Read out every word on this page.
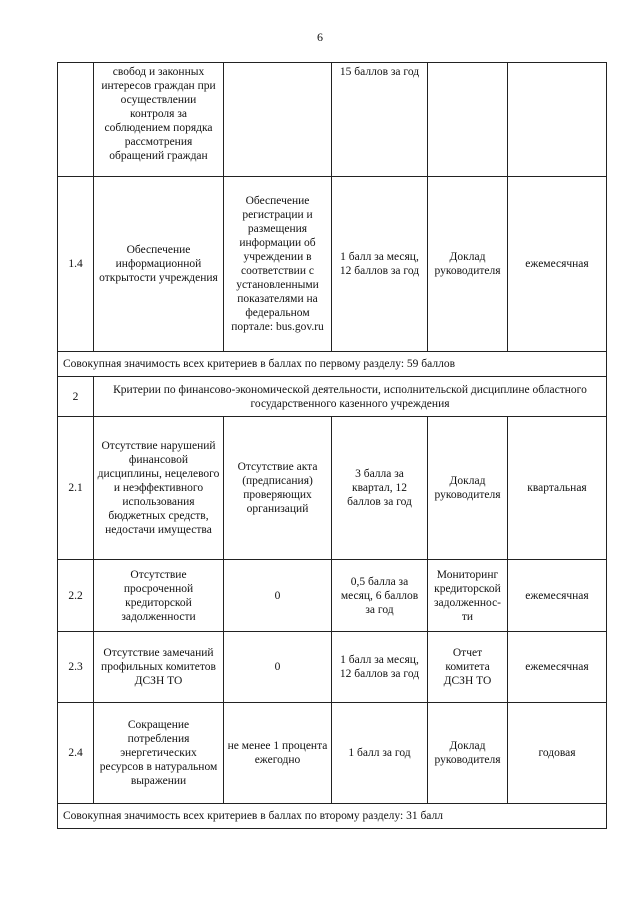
6
	свобод и законных интересов граждан при осуществлении контроля за соблюдением порядка рассмотрения обращений граждан		15 баллов за год		
1.4	Обеспечение информационной открытости учреждения	Обеспечение регистрации и размещения информации об учреждении в соответствии с установленными показателями на федеральном портале: bus.gov.ru	1 балл за месяц, 12 баллов за год	Доклад руководителя	ежемесячная
Совокупная значимость всех критериев в баллах по первому разделу: 59 баллов					
2	Критерии по финансово-экономической деятельности, исполнительской дисциплине областного государственного казенного учреждения				
2.1	Отсутствие нарушений финансовой дисциплины, нецелевого и неэффективного использования бюджетных средств, недостачи имущества	Отсутствие акта (предписания) проверяющих организаций	3 балла за квартал, 12 баллов за год	Доклад руководителя	квартальная
2.2	Отсутствие просроченной кредиторской задолженности	0	0,5 балла за месяц, 6 баллов за год	Мониторинг кредиторской задолженнос-ти	ежемесячная
2.3	Отсутствие замечаний профильных комитетов ДСЗН ТО	0	1 балл за месяц, 12 баллов за год	Отчет комитета ДСЗН ТО	ежемесячная
2.4	Сокращение потребления энергетических ресурсов в натуральном выражении	не менее 1 процента ежегодно	1 балл за год	Доклад руководителя	годовая
Совокупная значимость всех критериев в баллах по второму разделу: 31 балл					
